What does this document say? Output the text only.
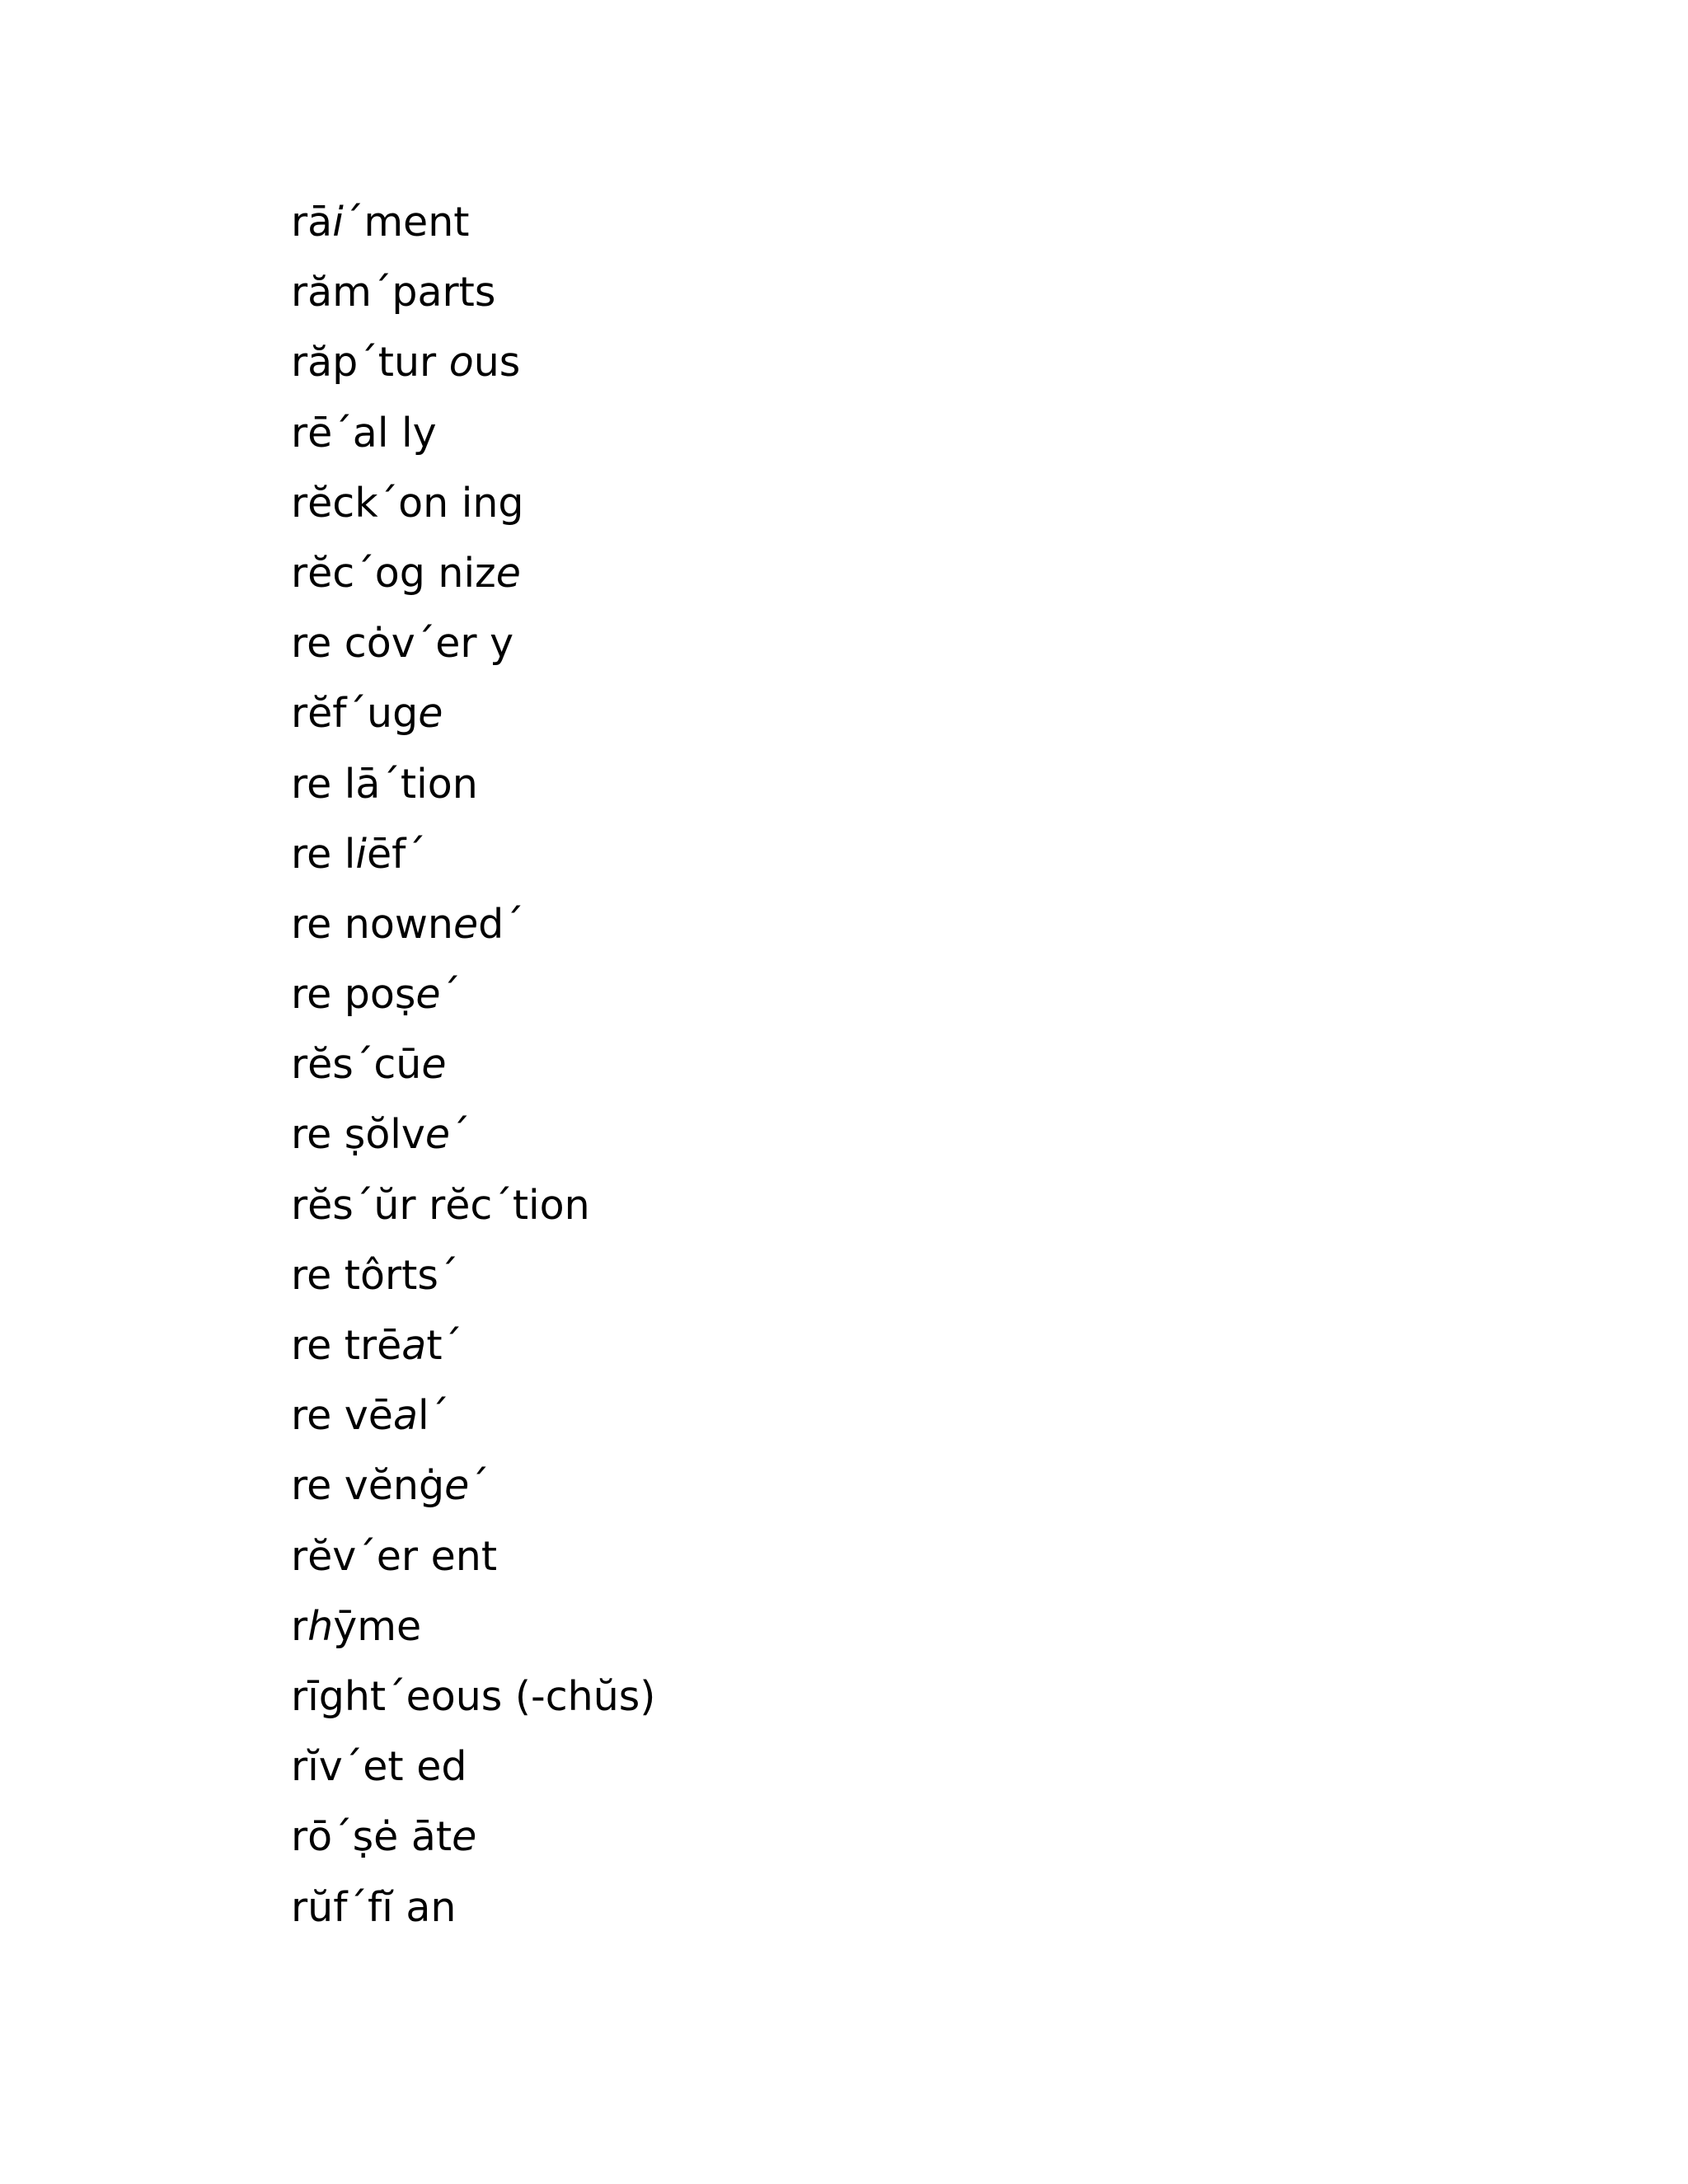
rāi´ment
răm´parts
răp´tur ous
rē´al ly
rĕck´on ing
rĕc´og nize
re cȯv´er y
rĕf´uge
re lā´tion
re liēf´
re nowned´
re poṣe´
rĕs´cūe
re ṣŏlve´
rĕs´ŭr rĕc´tion
re tôrts´
re trēat´
re vēal´
re vĕnġe´
rĕv´er ent
rhȳme
rīght´eous (-chŭs)
rĭv´et ed
rō´ṣė āte
rŭf´fĭ an
